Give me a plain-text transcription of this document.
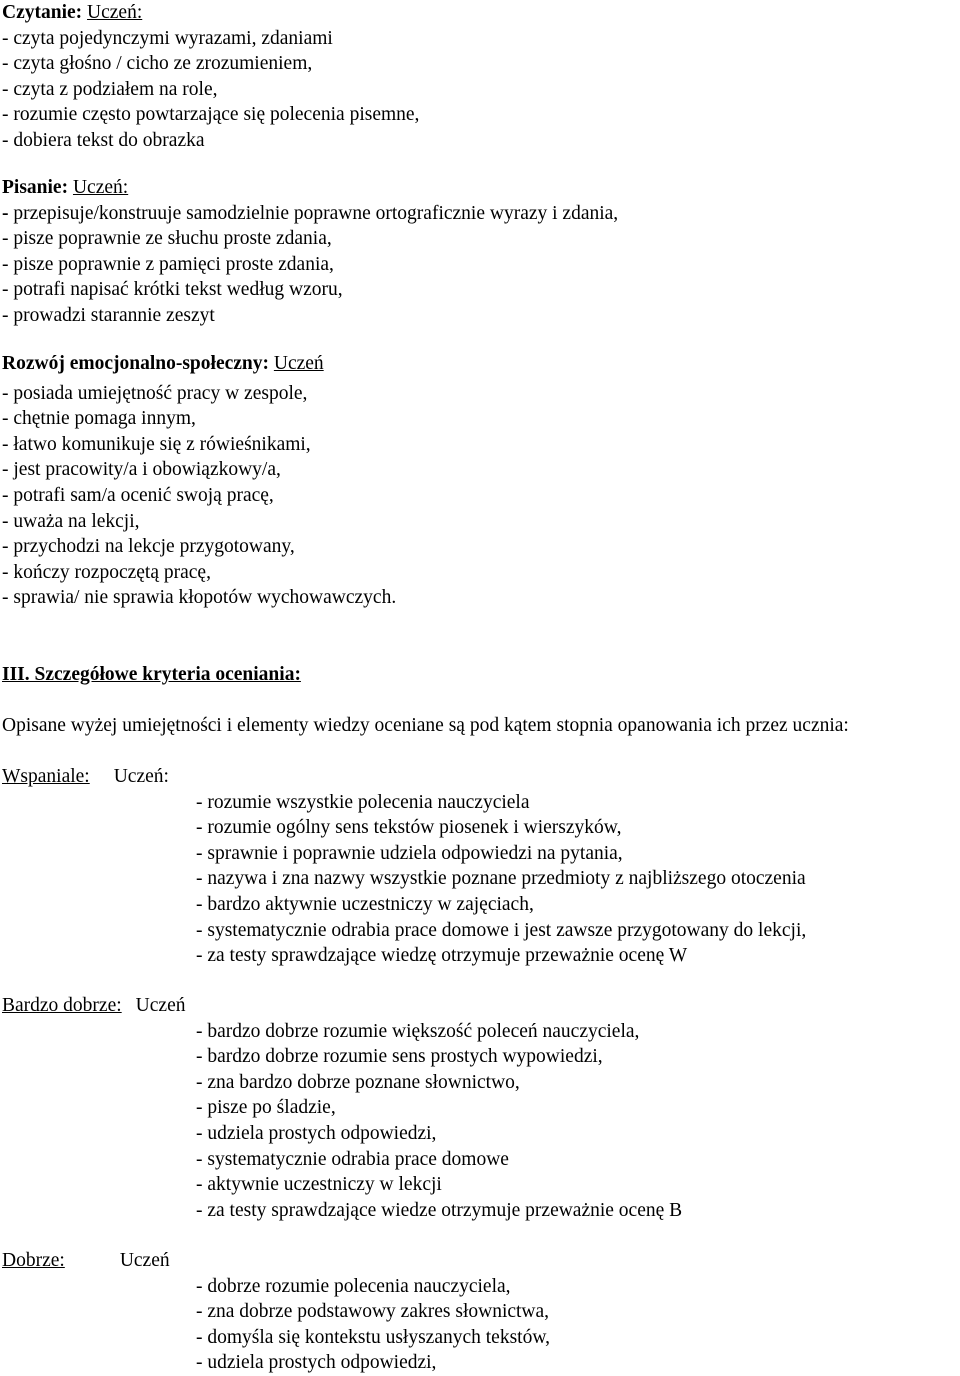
Czytanie: Uczeń:
- czyta pojedynczymi wyrazami, zdaniami
- czyta głośno / cicho ze zrozumieniem,
- czyta z podziałem na role,
- rozumie często powtarzające się polecenia pisemne,
- dobiera tekst do obrazka
Pisanie: Uczeń:
- przepisuje/konstruuje samodzielnie poprawne ortograficznie wyrazy i zdania,
- pisze poprawnie ze słuchu proste zdania,
- pisze poprawnie z pamięci proste zdania,
- potrafi napisać krótki tekst według wzoru,
- prowadzi starannie zeszyt
Rozwój emocjonalno-społeczny: Uczeń
- posiada umiejętność pracy w zespole,
- chętnie pomaga innym,
- łatwo komunikuje się z rówieśnikami,
- jest pracowity/a i obowiązkowy/a,
- potrafi sam/a ocenić swoją pracę,
- uważa na lekcji,
- przychodzi na lekcje przygotowany,
- kończy rozpoczętą pracę,
- sprawia/ nie sprawia kłopotów wychowawczych.
III. Szczegółowe kryteria oceniania:
Opisane wyżej umiejętności i elementy wiedzy oceniane są pod kątem stopnia opanowania ich przez ucznia:
Wspaniale: Uczeń:
- rozumie wszystkie polecenia nauczyciela
- rozumie ogólny sens tekstów piosenek i wierszyków,
- sprawnie i poprawnie udziela odpowiedzi na pytania,
- nazywa i zna nazwy wszystkie poznane przedmioty z najbliższego otoczenia
- bardzo aktywnie uczestniczy w zajęciach,
- systematycznie odrabia prace domowe i jest zawsze przygotowany do lekcji,
- za testy sprawdzające wiedzę otrzymuje przeważnie ocenę W
Bardzo dobrze: Uczeń
- bardzo dobrze rozumie większość poleceń nauczyciela,
- bardzo dobrze rozumie sens prostych wypowiedzi,
- zna bardzo dobrze poznane słownictwo,
- pisze po śladzie,
- udziela prostych odpowiedzi,
- systematycznie odrabia prace domowe
- aktywnie uczestniczy w lekcji
- za testy sprawdzające wiedze otrzymuje przeważnie ocenę B
Dobrze:	Uczeń
- dobrze rozumie polecenia nauczyciela,
- zna dobrze podstawowy zakres słownictwa,
- domyśla się kontekstu usłyszanych tekstów,
- udziela prostych odpowiedzi,
